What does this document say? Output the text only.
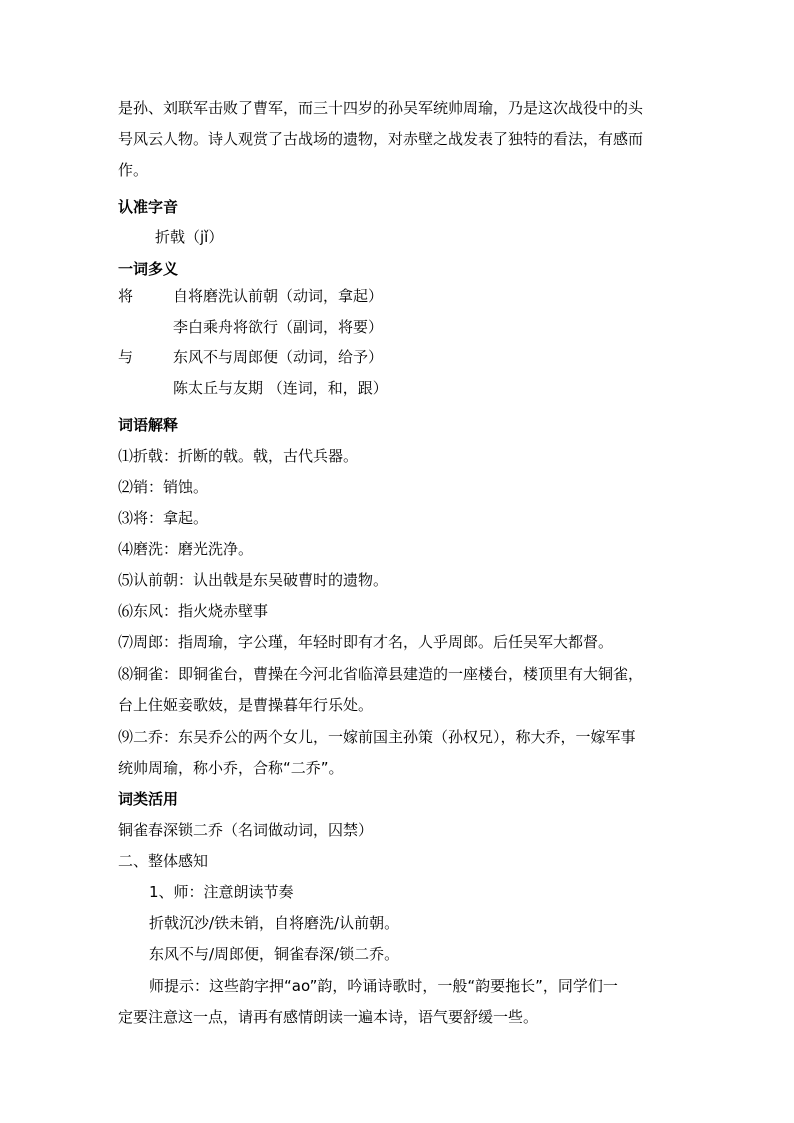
是孙、刘联军击败了曹军，而三十四岁的孙吴军统帅周瑜，乃是这次战役中的头
号风云人物。诗人观赏了古战场的遗物，对赤壁之战发表了独特的看法，有感而
作。
认准字音
折戟（jǐ）
一词多义
将	自将磨洗认前朝（动词，拿起）
李白乘舟将欲行（副词，将要）
与	东风不与周郎便（动词，给予）
陈太丘与友期 （连词，和，跟）
词语解释
⑴折戟：折断的戟。戟，古代兵器。
⑵销：销蚀。
⑶将：拿起。
⑷磨洗：磨光洗净。
⑸认前朝：认出戟是东吴破曹时的遗物。
⑹东风：指火烧赤壁事
⑺周郎：指周瑜，字公瑾，年轻时即有才名，人乎周郎。后任吴军大都督。
⑻铜雀：即铜雀台，曹操在今河北省临漳县建造的一座楼台，楼顶里有大铜雀，
台上住姬妾歌妓，是曹操暮年行乐处。
⑼二乔：东吴乔公的两个女儿，一嫁前国主孙策（孙权兄），称大乔，一嫁军事
统帅周瑜，称小乔，合称“二乔”。
词类活用
铜雀春深锁二乔（名词做动词，囚禁）
二、整体感知
1、师：注意朗读节奏
折戟沉沙/铁未销，自将磨洗/认前朝。
东风不与/周郎便，铜雀春深/锁二乔。
师提示：这些韵字押“ao”韵，吟诵诗歌时，一般“韵要拖长”，同学们一
定要注意这一点，请再有感情朗读一遍本诗，语气要舒缓一些。
